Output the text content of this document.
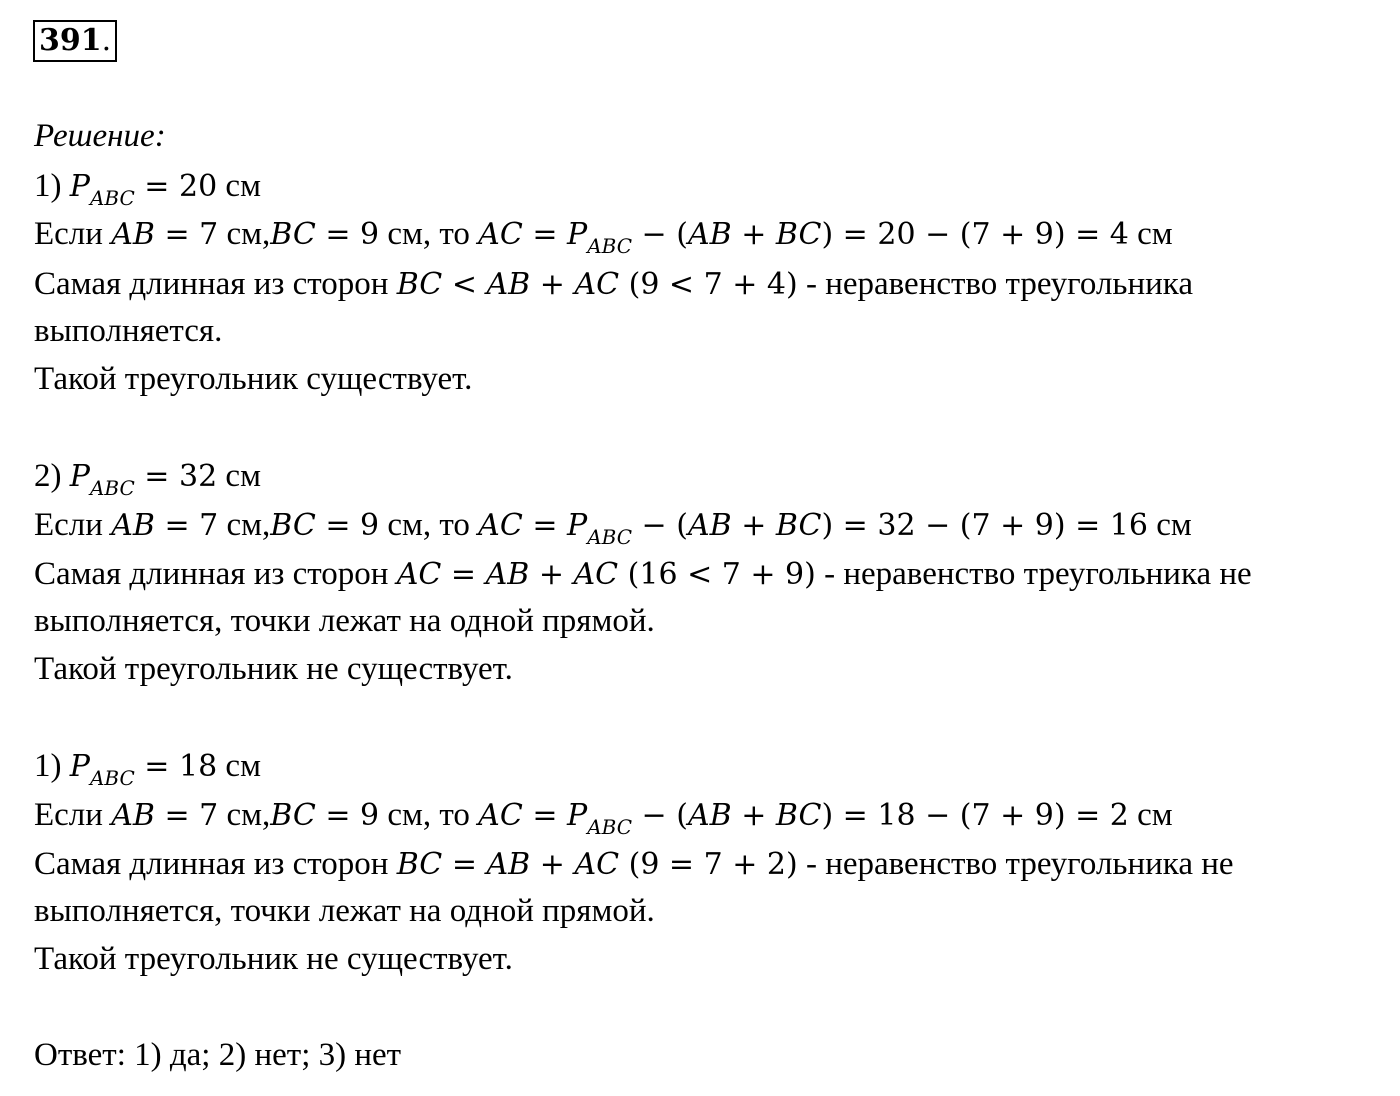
391.
Решение:
1) $P_{ABC} = 20$ см
Если AB = 7 см,BC = 9 см, то AC = $P_{ABC} - (AB + BC) = 20 - (7 + 9) = 4$ см
Самая длинная из сторон BC < AB + AC (9 < 7 + 4) - неравенство треугольника
выполняется.
Такой треугольник существует.
2) $P_{ABC} = 32$ см
Если AB = 7 см,BC = 9 см, то AC = $P_{ABC} - (AB + BC) = 32 - (7 + 9) = 16$ см
Самая длинная из сторон AC = AB + AC (16 < 7 + 9) - неравенство треугольника не
выполняется, точки лежат на одной прямой.
Такой треугольник не существует.
1) $P_{ABC} = 18$ см
Если AB = 7 см,BC = 9 см, то AC = $P_{ABC} - (AB + BC) = 18 - (7 + 9) = 2$ см
Самая длинная из сторон BC = AB + AC (9 = 7 + 2) - неравенство треугольника не
выполняется, точки лежат на одной прямой.
Такой треугольник не существует.
Ответ: 1) да; 2) нет; 3) нет
